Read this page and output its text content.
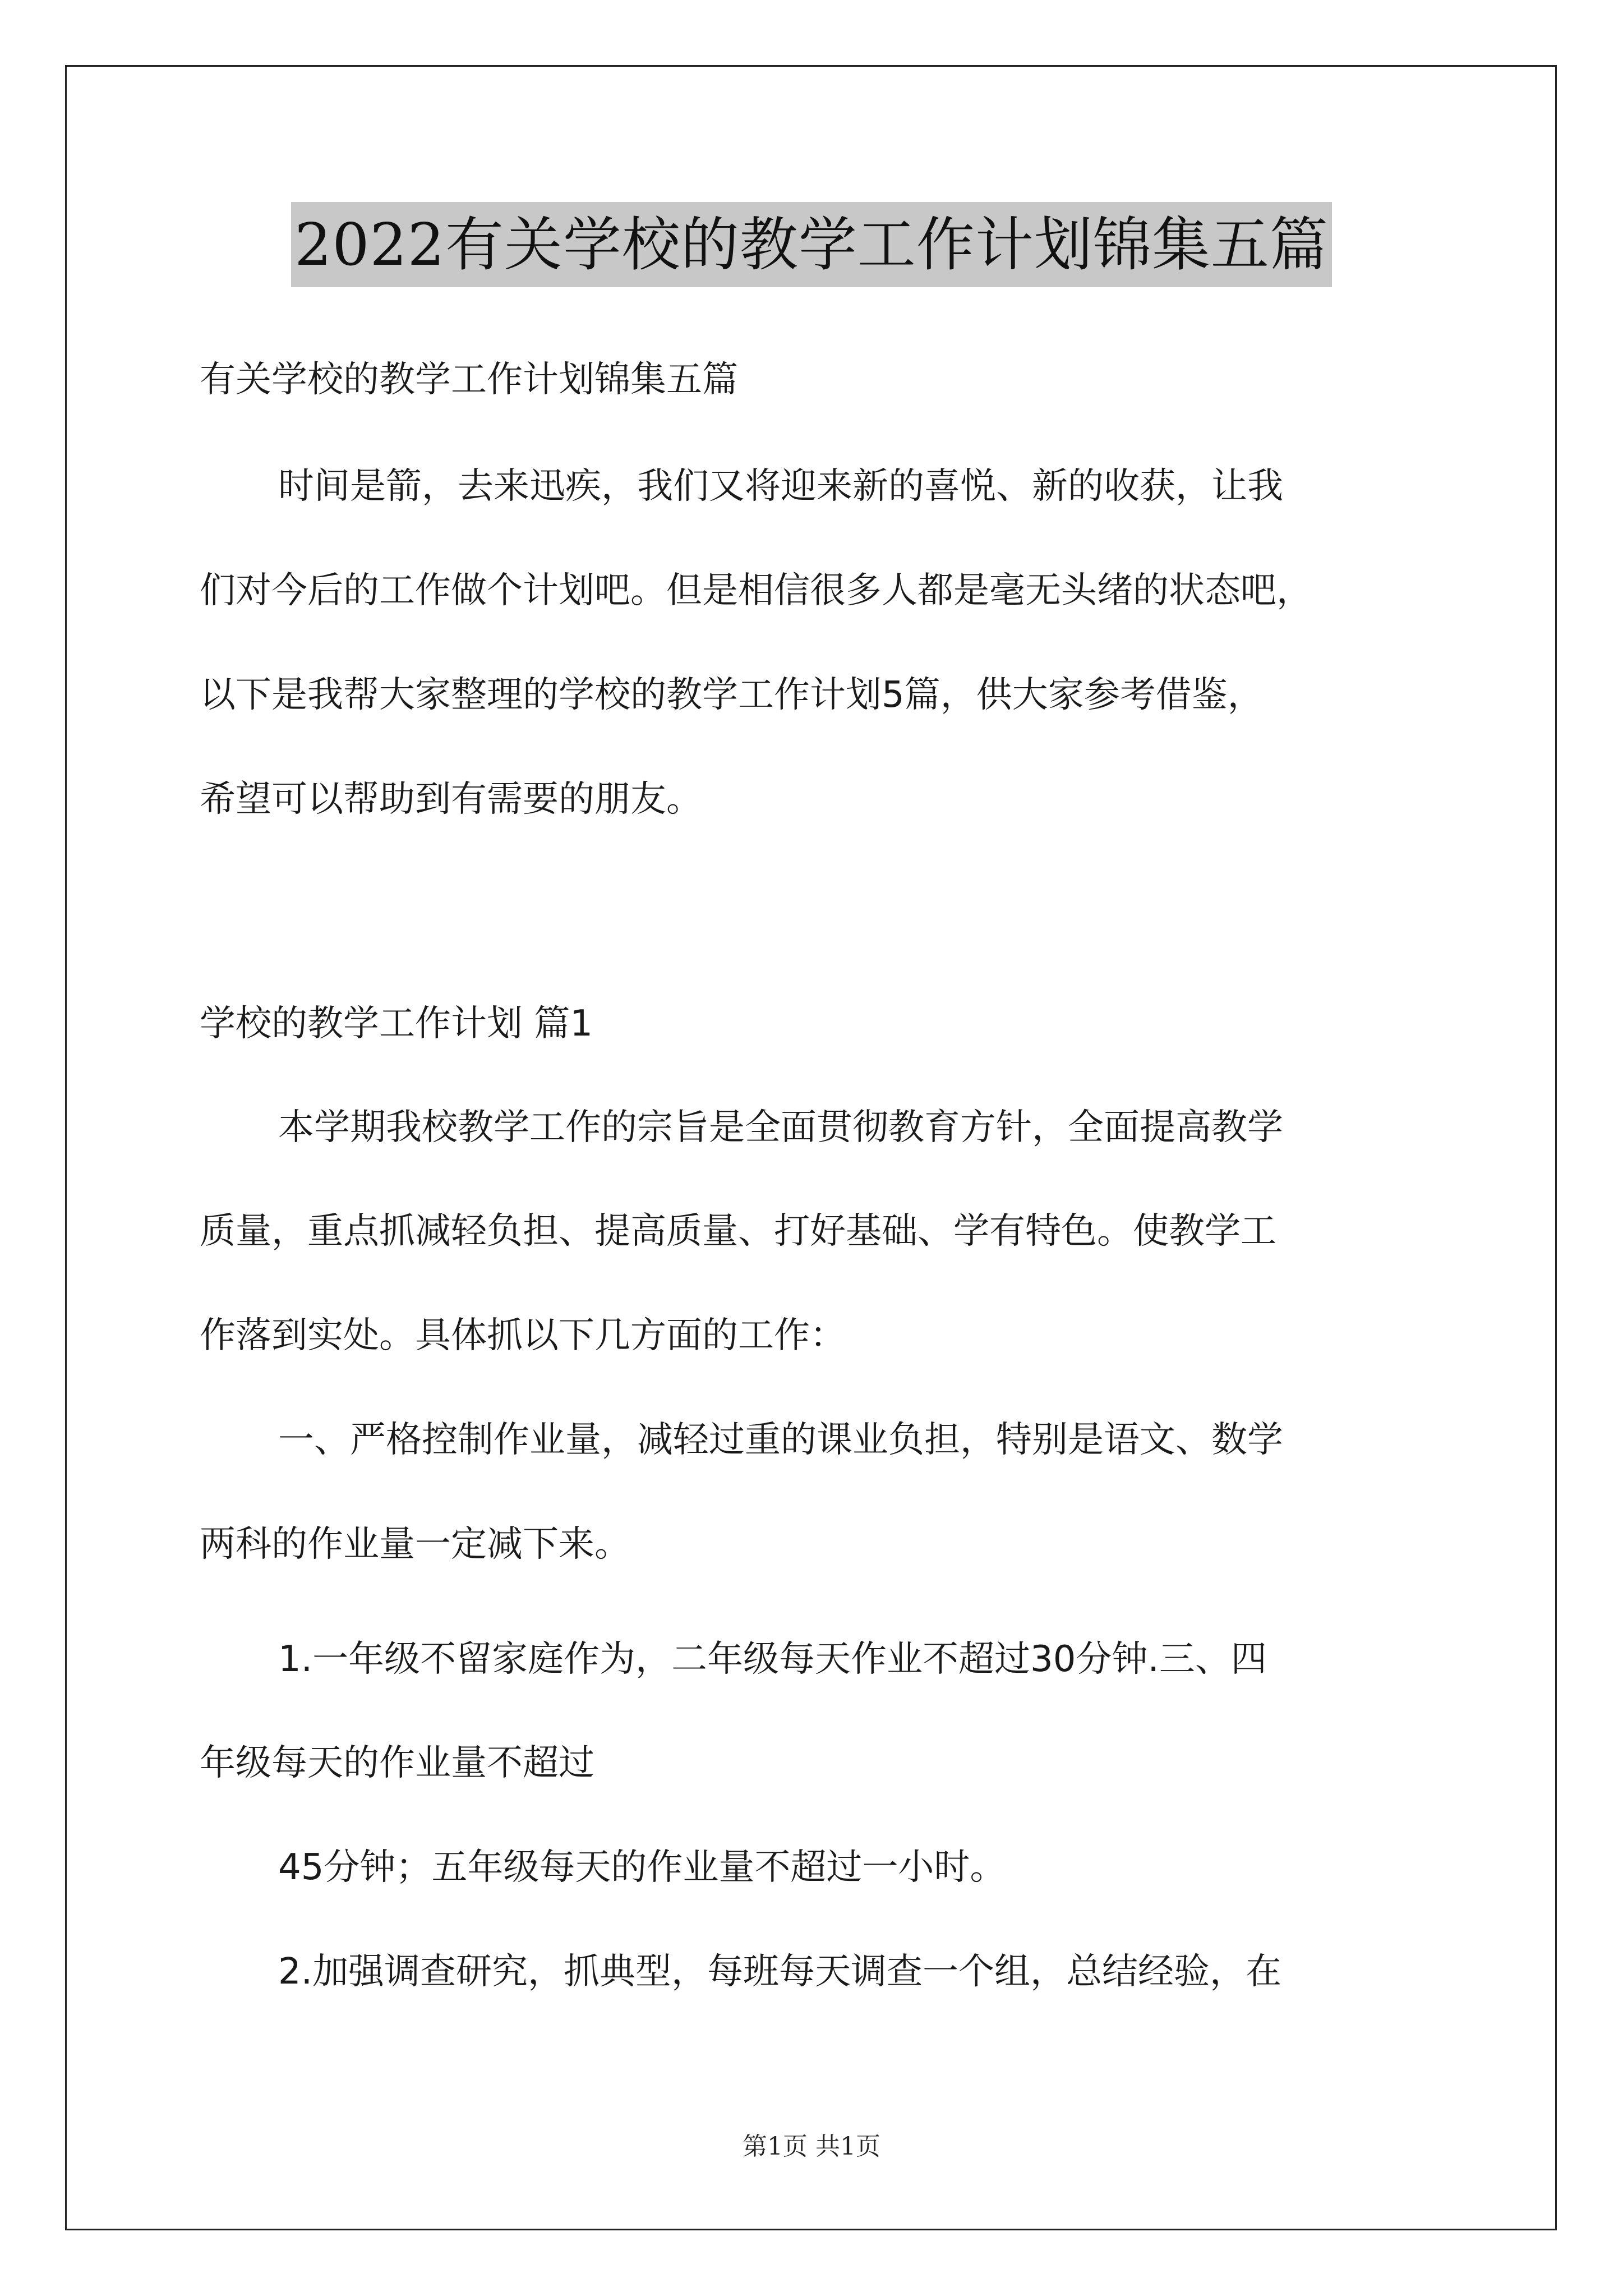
2022有关学校的教学工作计划锦集五篇
有关学校的教学工作计划锦集五篇
时间是箭，去来迅疾，我们又将迎来新的喜悦、新的收获，让我
们对今后的工作做个计划吧。但是相信很多人都是毫无头绪的状态吧，
以下是我帮大家整理的学校的教学工作计划5篇，供大家参考借鉴，
希望可以帮助到有需要的朋友。
学校的教学工作计划 篇1
本学期我校教学工作的宗旨是全面贯彻教育方针，全面提高教学
质量，重点抓减轻负担、提高质量、打好基础、学有特色。使教学工
作落到实处。具体抓以下几方面的工作：
一、严格控制作业量，减轻过重的课业负担，特别是语文、数学
两科的作业量一定减下来。
1.一年级不留家庭作为，二年级每天作业不超过30分钟.三、四
年级每天的作业量不超过
45分钟；五年级每天的作业量不超过一小时。
2.加强调查研究，抓典型，每班每天调查一个组，总结经验，在
第1页 共1页
